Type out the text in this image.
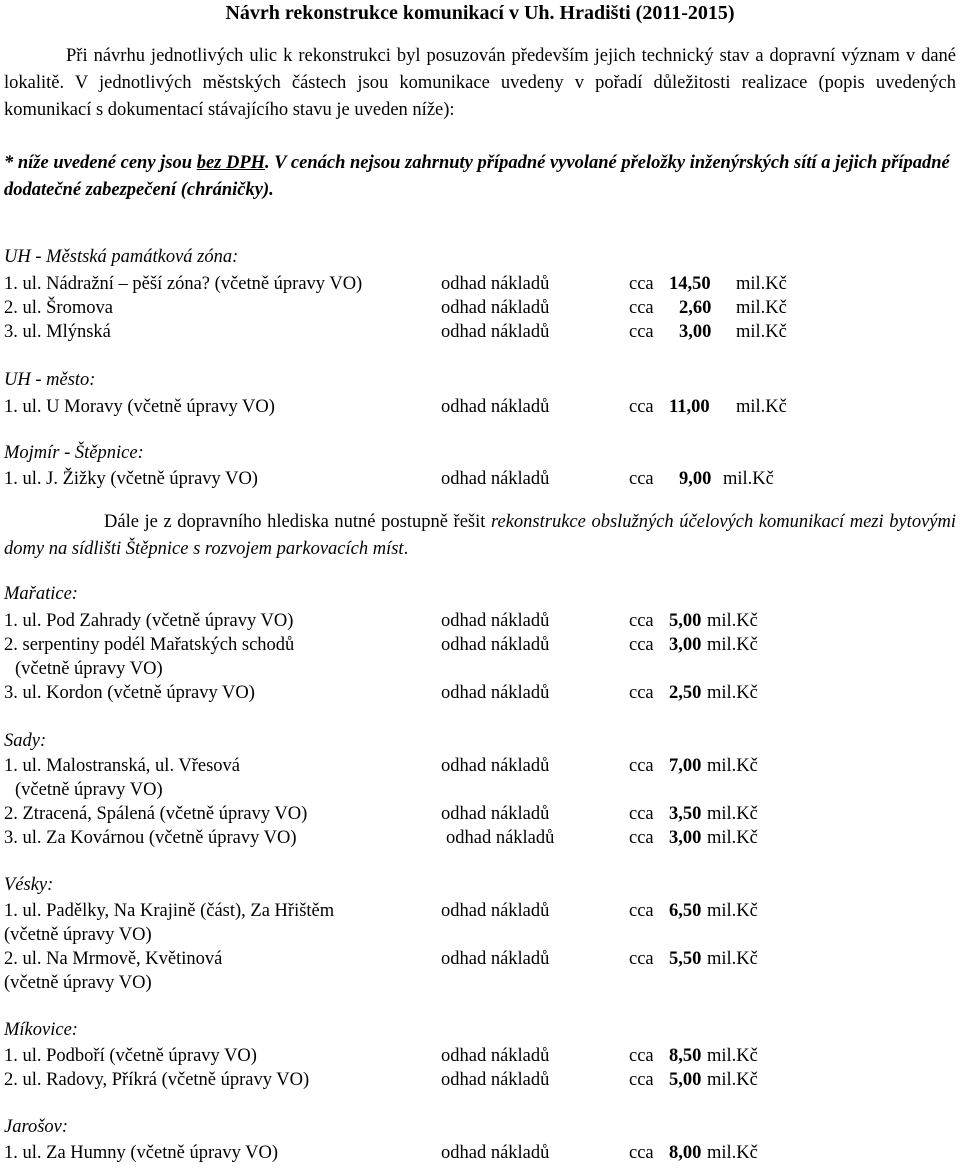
Návrh rekonstrukce komunikací v Uh. Hradišti (2011-2015)
Při návrhu jednotlivých ulic k rekonstrukci byl posuzován především jejich technický stav a dopravní význam v dané lokalitě. V jednotlivých městských částech jsou komunikace uvedeny v pořadí důležitosti realizace (popis uvedených komunikací s dokumentací stávajícího stavu je uveden níže):
* níže uvedené ceny jsou bez DPH. V cenách nejsou zahrnuty případné vyvolané přeložky inženýrských sítí a jejich případné dodatečné zabezpečení (chráničky).
UH - Městská památková zóna:
1. ul. Nádražní – pěší zóna? (včetně úpravy VO)	odhad nákladů	cca 14,50 mil.Kč
2. ul. Šromova	odhad nákladů	cca 2,60 mil.Kč
3. ul. Mlýnská	odhad nákladů	cca 3,00 mil.Kč
UH - město:
1. ul. U Moravy (včetně úpravy VO)	odhad nákladů	cca 11,00 mil.Kč
Mojmír - Štěpnice:
1. ul. J. Žižky (včetně úpravy VO)	odhad nákladů	cca 9,00 mil.Kč
Dále je z dopravního hlediska nutné postupně řešit rekonstrukce obslužných účelových komunikací mezi bytovými domy na sídlišti Štěpnice s rozvojem parkovacích míst.
Mařatice:
1. ul. Pod Zahrady (včetně úpravy VO)	odhad nákladů	cca 5,00 mil.Kč
2. serpentiny podél Mařatských schodů	odhad nákladů	cca 3,00 mil.Kč
(včetně úpravy VO)
3. ul. Kordon (včetně úpravy VO)	odhad nákladů	cca 2,50 mil.Kč
Sady:
1. ul. Malostranská, ul. Vřesová	odhad nákladů	cca 7,00 mil.Kč
(včetně úpravy VO)
2. Ztracená, Spálená (včetně úpravy VO)	odhad nákladů	cca 3,50 mil.Kč
3. ul. Za Kovárnou (včetně úpravy VO)	odhad nákladů	cca 3,00 mil.Kč
Vésky:
1. ul. Padělky, Na Krajině (část), Za Hřištěm	odhad nákladů	cca 6,50 mil.Kč
(včetně úpravy VO)
2. ul. Na Mrmově, Květinová	odhad nákladů	cca 5,50 mil.Kč
(včetně úpravy VO)
Míkovice:
1. ul. Podboří (včetně úpravy VO)	odhad nákladů	cca 8,50 mil.Kč
2. ul. Radovy, Příkrá (včetně úpravy VO)	odhad nákladů	cca 5,00 mil.Kč
Jarošov:
1. ul. Za Humny (včetně úpravy VO)	odhad nákladů	cca 8,00 mil.Kč
